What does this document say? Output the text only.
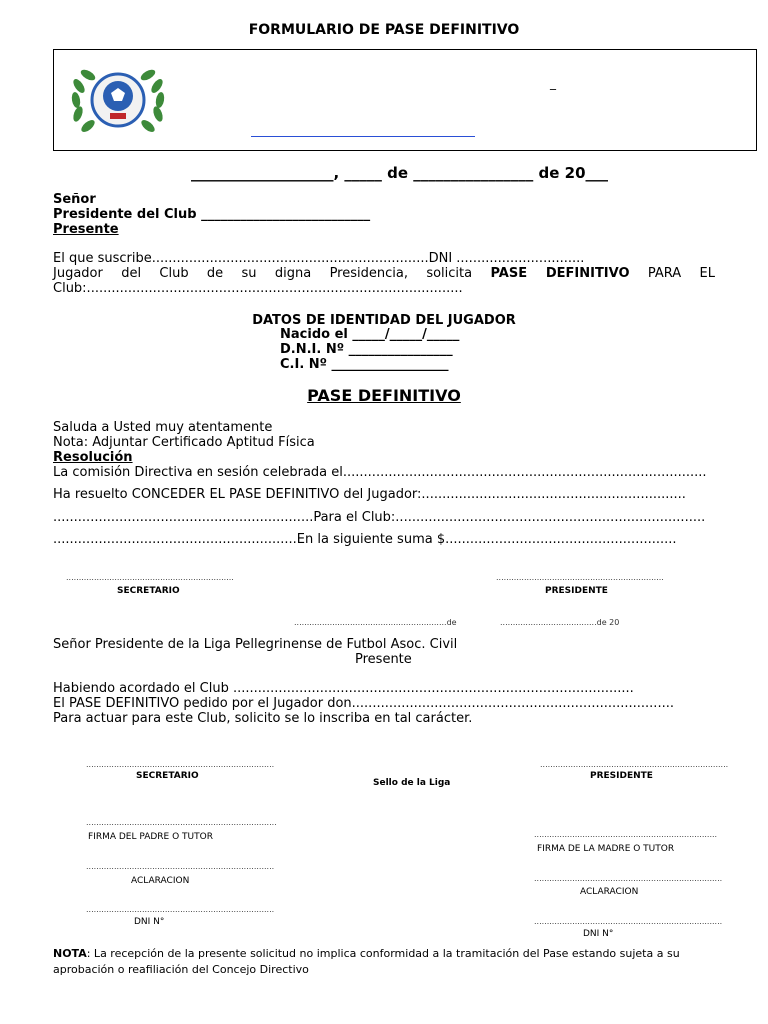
FORMULARIO DE PASE DEFINITIVO
_
___________________, _____ de ________________ de 20___
Señor
Presidente del Club __________________________
Presente
El que suscribe...................................................................DNI ...............................
Jugador del Club de su digna Presidencia, solicita PASE DEFINITIVO PARA EL
Club:...........................................................................................
DATOS DE IDENTIDAD DEL JUGADOR
Nacido el _____/_____/_____
D.N.I. Nº ________________
C.I. Nº __________________
PASE DEFINITIVO
Saluda a Usted muy atentamente
Nota: Adjuntar Certificado Aptitud Física
Resolución
La comisión Directiva en sesión celebrada el........................................................................................
Ha resuelto CONCEDER EL PASE DEFINITIVO del Jugador:................................................................
...............................................................Para el Club:...........................................................................
...........................................................En la siguiente suma $........................................................
..................................................................	..................................................................
SECRETARIO	PRESIDENTE
............................................................de	......................................de 20
Señor Presidente de la Liga Pellegrinense de Futbol Asoc. Civil
Presente
Habiendo acordado el Club .................................................................................................
El PASE DEFINITIVO pedido por el Jugador don..............................................................................
Para actuar para este Club, solicito se lo inscriba en tal carácter.
..........................................................................	..........................................................................
SECRETARIO
Sello de la Liga
PRESIDENTE
...........................................................................
FIRMA DEL PADRE O TUTOR	........................................................................
FIRMA DE LA MADRE O TUTOR
..........................................................................
ACLARACION	..........................................................................
ACLARACION
..........................................................................
DNI N°	..........................................................................
DNI N°
NOTA: La recepción de la presente solicitud no implica conformidad a la tramitación del Pase estando sujeta a su aprobación o reafiliación del Concejo Directivo
